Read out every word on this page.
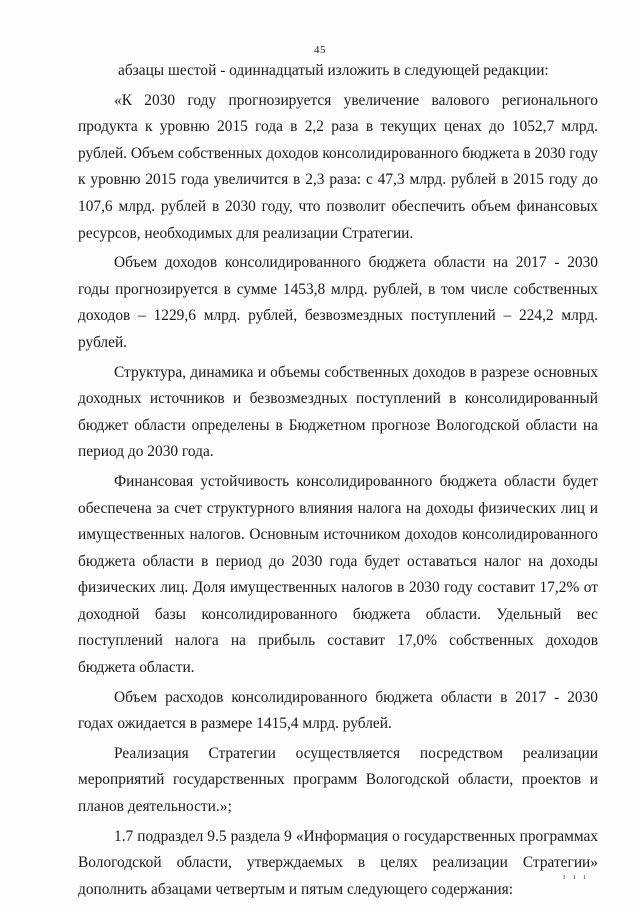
45

абзацы шестой - одиннадцатый изложить в следующей редакции:

«К 2030 году прогнозируется увеличение валового регионального продукта к уровню 2015 года в 2,2 раза в текущих ценах до 1052,7 млрд. рублей. Объем собственных доходов консолидированного бюджета в 2030 году к уровню 2015 года увеличится в 2,3 раза: с 47,3 млрд. рублей в 2015 году до 107,6 млрд. рублей в 2030 году, что позволит обеспечить объем финансовых ресурсов, необходимых для реализации Стратегии.

Объем доходов консолидированного бюджета области на 2017 - 2030 годы прогнозируется в сумме 1453,8 млрд. рублей, в том числе собственных доходов – 1229,6 млрд. рублей, безвозмездных поступлений – 224,2 млрд. рублей.

Структура, динамика и объемы собственных доходов в разрезе основных доходных источников и безвозмездных поступлений в консолидированный бюджет области определены в Бюджетном прогнозе Вологодской области на период до 2030 года.

Финансовая устойчивость консолидированного бюджета области будет обеспечена за счет структурного влияния налога на доходы физических лиц и имущественных налогов. Основным источником доходов консолидированного бюджета области в период до 2030 года будет оставаться налог на доходы физических лиц. Доля имущественных налогов в 2030 году составит 17,2% от доходной базы консолидированного бюджета области. Удельный вес поступлений налога на прибыль составит 17,0% собственных доходов бюджета области.

Объем расходов консолидированного бюджета области в 2017 - 2030 годах ожидается в размере 1415,4 млрд. рублей.

Реализация Стратегии осуществляется посредством реализации мероприятий государственных программ Вологодской области, проектов и планов деятельности.»;

1.7 подраздел 9.5 раздела 9 «Информация о государственных программах Вологодской области, утверждаемых в целях реализации Стратегии» дополнить абзацами четвертым и пятым следующего содержания:

ı ı ı
